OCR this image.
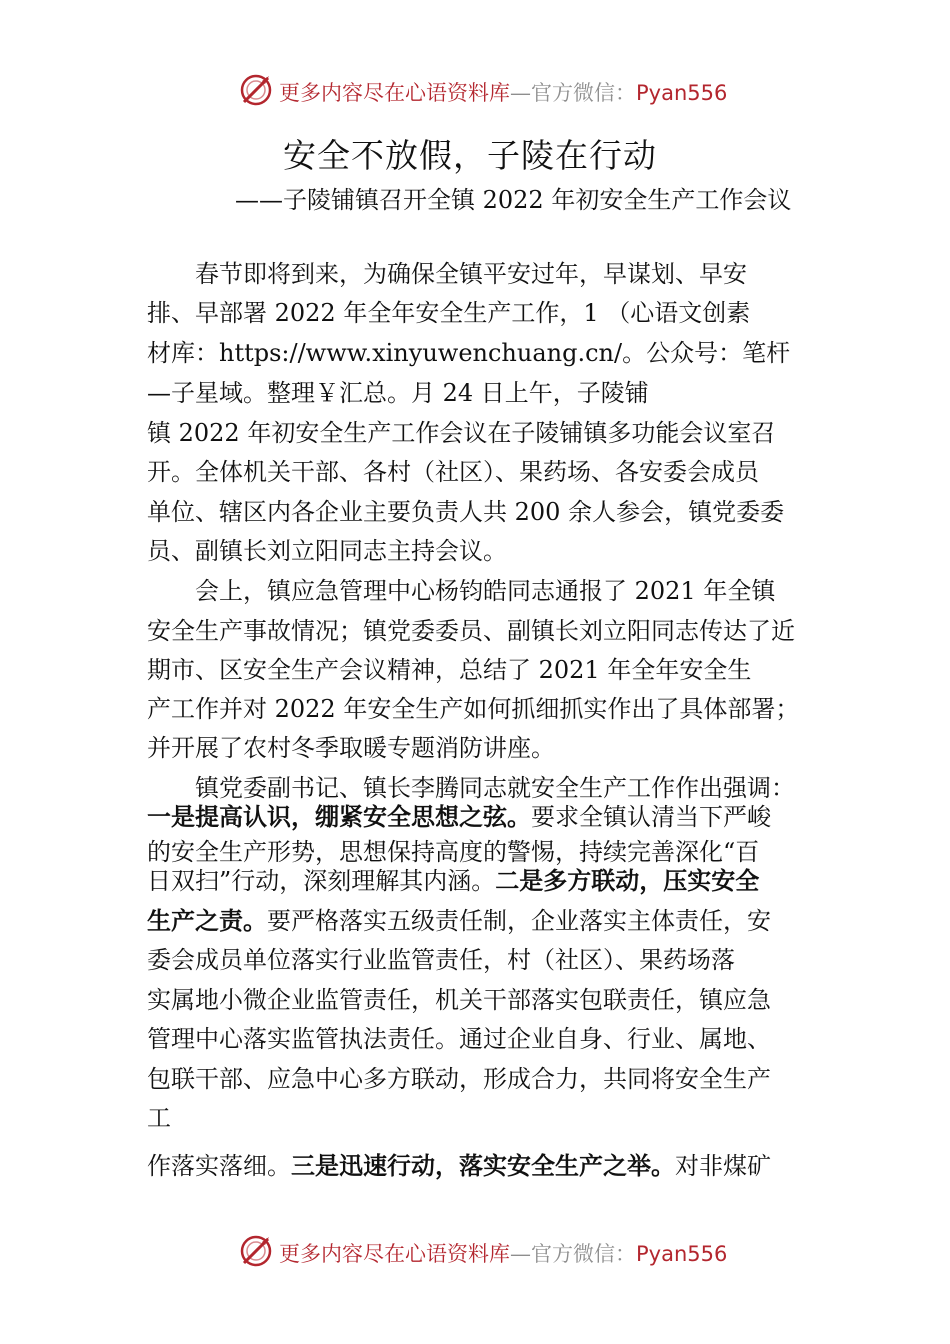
更多内容尽在心语资料库—官方微信：Pyan556
安全不放假，子陵在行动
——子陵铺镇召开全镇 2022 年初安全生产工作会议
春节即将到来，为确保全镇平安过年，早谋划、早安
排、早部署 2022 年全年安全生产工作，1 （心语文创素
材库：https://www.xinyuwenchuang.cn/。公众号：笔杆
—子星域。整理￥汇总。月 24 日上午，子陵铺
镇 2022 年初安全生产工作会议在子陵铺镇多功能会议室召
开。全体机关干部、各村（社区）、果药场、各安委会成员
单位、辖区内各企业主要负责人共 200 余人参会，镇党委委
员、副镇长刘立阳同志主持会议。
会上，镇应急管理中心杨钧皓同志通报了 2021 年全镇
安全生产事故情况；镇党委委员、副镇长刘立阳同志传达了近
期市、区安全生产会议精神，总结了 2021 年全年安全生
产工作并对 2022 年安全生产如何抓细抓实作出了具体部署；
并开展了农村冬季取暖专题消防讲座。
镇党委副书记、镇长李腾同志就安全生产工作作出强调：
一是提高认识，绷紧安全思想之弦。要求全镇认清当下严峻
的安全生产形势，思想保持高度的警惕，持续完善深化“百
日双扫”行动，深刻理解其内涵。二是多方联动，压实安全
生产之责。要严格落实五级责任制，企业落实主体责任，安
委会成员单位落实行业监管责任，村（社区）、果药场落
实属地小微企业监管责任，机关干部落实包联责任，镇应急
管理中心落实监管执法责任。通过企业自身、行业、属地、
包联干部、应急中心多方联动，形成合力，共同将安全生产
工
作落实落细。三是迅速行动，落实安全生产之举。对非煤矿
更多内容尽在心语资料库—官方微信：Pyan556
